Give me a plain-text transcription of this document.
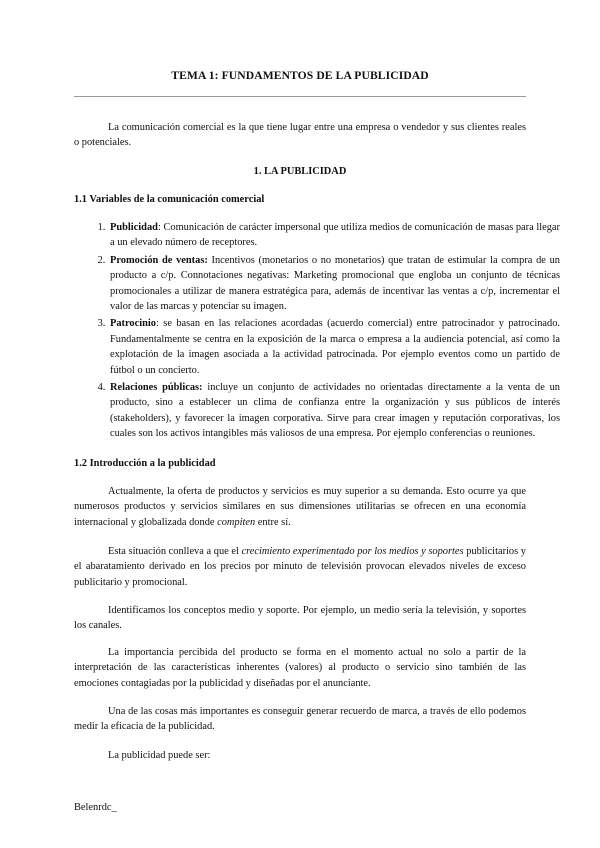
TEMA 1: FUNDAMENTOS DE LA PUBLICIDAD

La comunicación comercial es la que tiene lugar entre una empresa o vendedor y sus clientes reales o potenciales.

1. LA PUBLICIDAD
1.1 Variables de la comunicación comercial
1. Publicidad: Comunicación de carácter impersonal que utiliza medios de comunicación de masas para llegar a un elevado número de receptores.
2. Promoción de ventas: Incentivos (monetarios o no monetarios) que tratan de estimular la compra de un producto a c/p. Connotaciones negativas: Marketing promocional que engloba un conjunto de técnicas promocionales a utilizar de manera estratégica para, además de incentivar las ventas a c/p, incrementar el valor de las marcas y potenciar su imagen.
3. Patrocinio: se basan en las relaciones acordadas (acuerdo comercial) entre patrocinador y patrocinado. Fundamentalmente se centra en la exposición de la marca o empresa a la audiencia potencial, así como la explotación de la imagen asociada a la actividad patrocinada. Por ejemplo eventos como un partido de fútbol o un concierto.
4. Relaciones públicas: incluye un conjunto de actividades no orientadas directamente a la venta de un producto, sino a establecer un clima de confianza entre la organización y sus públicos de interés (stakeholders), y favorecer la imagen corporativa. Sirve para crear imagen y reputación corporativas, los cuales son los activos intangibles más valiosos de una empresa. Por ejemplo conferencias o reuniones.
1.2 Introducción a la publicidad

Actualmente, la oferta de productos y servicios es muy superior a su demanda. Esto ocurre ya que numerosos productos y servicios similares en sus dimensiones utilitarias se ofrecen en una economía internacional y globalizada donde compiten entre sí.

Esta situación conlleva a que el crecimiento experimentado por los medios y soportes publicitarios y el abaratamiento derivado en los precios por minuto de televisión provocan elevados niveles de exceso publicitario y promocional.

Identificamos los conceptos medio y soporte. Por ejemplo, un medio sería la televisión, y soportes los canales.

La importancia percibida del producto se forma en el momento actual no solo a partir de la interpretación de las características inherentes (valores) al producto o servicio sino también de las emociones contagiadas por la publicidad y diseñadas por el anunciante.

Una de las cosas más importantes es conseguir generar recuerdo de marca, a través de ello podemos medir la eficacia de la publicidad.

La publicidad puede ser:

Belenrdc_
